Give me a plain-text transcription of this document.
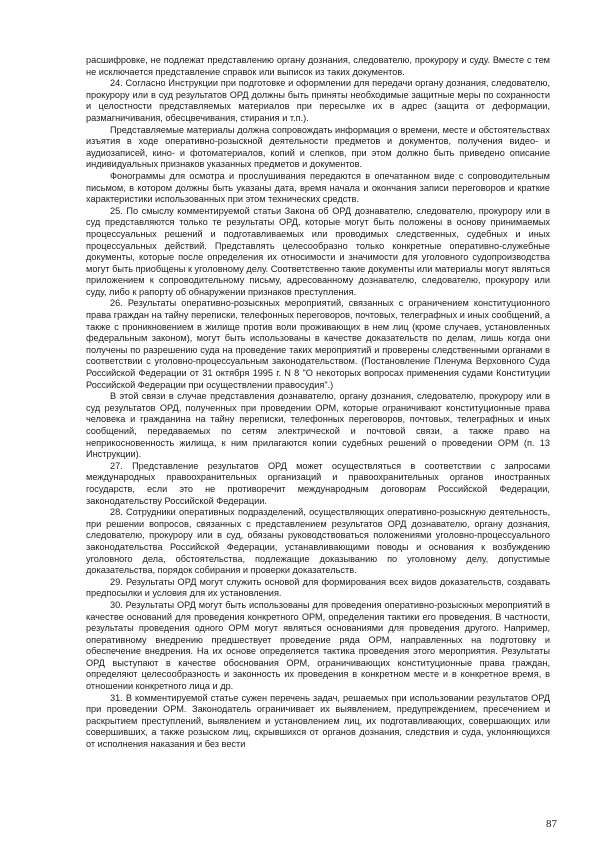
расшифровке, не подлежат представлению органу дознания, следователю, прокурору и суду. Вместе с тем не исключается представление справок или выписок из таких документов.

24. Согласно Инструкции при подготовке и оформлении для передачи органу дознания, следователю, прокурору или в суд результатов ОРД должны быть приняты необходимые защитные меры по сохранности и целостности представляемых материалов при пересылке их в адрес (защита от деформации, размагничивания, обесцвечивания, стирания и т.п.).

Представляемые материалы должна сопровождать информация о времени, месте и обстоятельствах изъятия в ходе оперативно-розыскной деятельности предметов и документов, получения видео- и аудиозаписей, кино- и фотоматериалов, копий и слепков, при этом должно быть приведено описание индивидуальных признаков указанных предметов и документов.

Фонограммы для осмотра и прослушивания передаются в опечатанном виде с сопроводительным письмом, в котором должны быть указаны дата, время начала и окончания записи переговоров и краткие характеристики использованных при этом технических средств.

25. По смыслу комментируемой статьи Закона об ОРД дознавателю, следователю, прокурору или в суд представляются только те результаты ОРД, которые могут быть положены в основу принимаемых процессуальных решений и подготавливаемых или проводимых следственных, судебных и иных процессуальных действий. Представлять целесообразно только конкретные оперативно-служебные документы, которые после определения их относимости и значимости для уголовного судопроизводства могут быть приобщены к уголовному делу. Соответственно такие документы или материалы могут являться приложением к сопроводительному письму, адресованному дознавателю, следователю, прокурору или суду, либо к рапорту об обнаружении признаков преступления.

26. Результаты оперативно-розыскных мероприятий, связанных с ограничением конституционного права граждан на тайну переписки, телефонных переговоров, почтовых, телеграфных и иных сообщений, а также с проникновением в жилище против воли проживающих в нем лиц (кроме случаев, установленных федеральным законом), могут быть использованы в качестве доказательств по делам, лишь когда они получены по разрешению суда на проведение таких мероприятий и проверены следственными органами в соответствии с уголовно-процессуальным законодательством. (Постановление Пленума Верховного Суда Российской Федерации от 31 октября 1995 г. N 8 "О некоторых вопросах применения судами Конституции Российской Федерации при осуществлении правосудия".)

В этой связи в случае представления дознавателю, органу дознания, следователю, прокурору или в суд результатов ОРД, полученных при проведении ОРМ, которые ограничивают конституционные права человека и гражданина на тайну переписки, телефонных переговоров, почтовых, телеграфных и иных сообщений, передаваемых по сетям электрической и почтовой связи, а также право на неприкосновенность жилища, к ним прилагаются копии судебных решений о проведении ОРМ (п. 13 Инструкции).

27. Представление результатов ОРД может осуществляться в соответствии с запросами международных правоохранительных организаций и правоохранительных органов иностранных государств, если это не противоречит международным договорам Российской Федерации, законодательству Российской Федерации.

28. Сотрудники оперативных подразделений, осуществляющих оперативно-розыскную деятельность, при решении вопросов, связанных с представлением результатов ОРД дознавателю, органу дознания, следователю, прокурору или в суд, обязаны руководствоваться положениями уголовно-процессуального законодательства Российской Федерации, устанавливающими поводы и основания к возбуждению уголовного дела, обстоятельства, подлежащие доказыванию по уголовному делу, допустимые доказательства, порядок собирания и проверки доказательств.

29. Результаты ОРД могут служить основой для формирования всех видов доказательств, создавать предпосылки и условия для их установления.

30. Результаты ОРД могут быть использованы для проведения оперативно-розыскных мероприятий в качестве оснований для проведения конкретного ОРМ, определения тактики его проведения. В частности, результаты проведения одного ОРМ могут являться основаниями для проведения другого. Например, оперативному внедрению предшествует проведение ряда ОРМ, направленных на подготовку и обеспечение внедрения. На их основе определяется тактика проведения этого мероприятия. Результаты ОРД выступают в качестве обоснования ОРМ, ограничивающих конституционные права граждан, определяют целесообразность и законность их проведения в конкретном месте и в конкретное время, в отношении конкретного лица и др.

31. В комментируемой статье сужен перечень задач, решаемых при использовании результатов ОРД при проведении ОРМ. Законодатель ограничивает их выявлением, предупреждением, пресечением и раскрытием преступлений, выявлением и установлением лиц, их подготавливающих, совершающих или совершивших, а также розыском лиц, скрывшихся от органов дознания, следствия и суда, уклоняющихся от исполнения наказания и без вести

87
